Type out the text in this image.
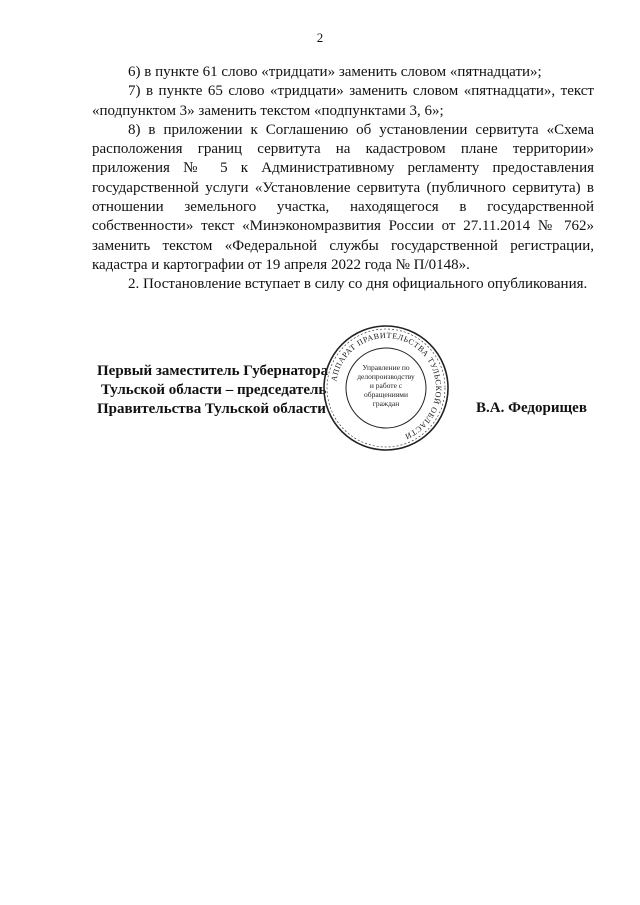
2

6) в пункте 61 слово «тридцати» заменить словом «пятнадцати»;

7) в пункте 65 слово «тридцати» заменить словом «пятнадцати», текст «подпунктом 3» заменить текстом «подпунктами 3, 6»;

8) в приложении к Соглашению об установлении сервитута «Схема расположения границ сервитута на кадастровом плане территории» приложения № 5 к Административному регламенту предоставления государственной услуги «Установление сервитута (публичного сервитута) в отношении земельного участка, находящегося в государственной собственности» текст «Минэкономразвития России от 27.11.2014 № 762» заменить текстом «Федеральной службы государственной регистрации, кадастра и картографии от 19 апреля 2022 года № П/0148».

2. Постановление вступает в силу со дня официального опубликования.

Первый заместитель Губернатора
Тульской области – председатель
Правительства Тульской области
АППАРАТ ПРАВИТЕЛЬСТВА ТУЛЬСКОЙ ОБЛАСТИ
Управление по делопроизводству и работе с обращениями граждан	В.А. Федорищев
